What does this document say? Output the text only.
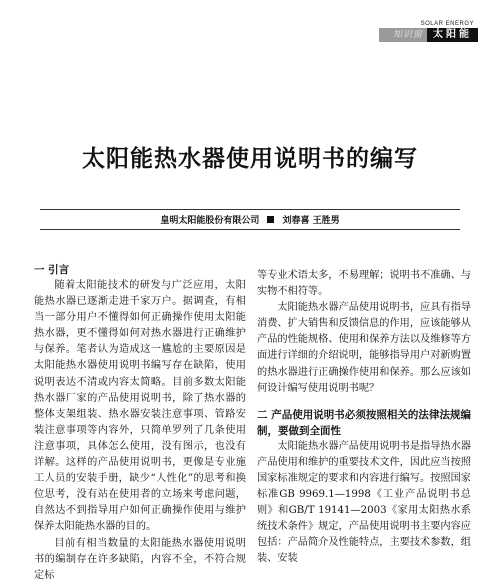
SOLAR ENERGY
知识窗	太阳能
太阳能热水器使用说明书的编写
皇明太阳能股份有限公司	刘春喜 王胜男
一 引言

随着太阳能技术的研发与广泛应用，太阳能热水器已逐渐走进千家万户。据调查，有相当一部分用户不懂得如何正确操作使用太阳能热水器，更不懂得如何对热水器进行正确维护与保养。笔者认为造成这一尴尬的主要原因是太阳能热水器使用说明书编写存在缺陷，使用说明表达不清或内容太简略。目前多数太阳能热水器厂家的产品使用说明书，除了热水器的整体支架组装、热水器安装注意事项、管路安装注意事项等内容外，只简单罗列了几条使用注意事项，具体怎么使用，没有图示，也没有详解。这样的产品使用说明书，更像是专业施工人员的安装手册，缺少“人性化”的思考和换位思考，没有站在使用者的立场来考虑问题，自然达不到指导用户如何正确操作使用与维护保养太阳能热水器的目的。

目前有相当数量的太阳能热水器使用说明书的编制存在许多缺陷，内容不全，不符合规定标

等专业术语太多，不易理解；说明书不准确、与实物不相符等。

太阳能热水器产品使用说明书，应具有指导消费、扩大销售和反馈信息的作用，应该能够从产品的性能规格、使用和保养方法以及维修等方面进行详细的介绍说明，能够指导用户对新购置的热水器进行正确操作使用和保养。那么应该如何设计编写使用说明书呢？

二 产品使用说明书必须按照相关的法律法规编制，要做到全面性

太阳能热水器产品使用说明书是指导热水器产品使用和维护的重要技术文件，因此应当按照国家标准规定的要求和内容进行编写。按照国家标准GB 9969.1—1998《工业产品说明书总则》和GB/T 19141—2003《家用太阳热水系统技术条件》规定，产品使用说明书主要内容应包括：产品简介及性能特点，主要技术参数，组装、安装
